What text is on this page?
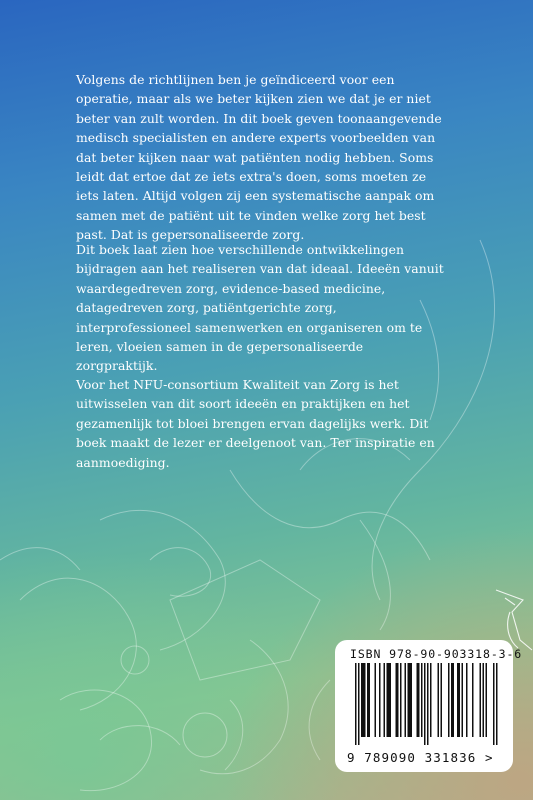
Volgens de richtlijnen ben je geïndiceerd voor een operatie, maar als we beter kijken zien we dat je er niet beter van zult worden. In dit boek geven toonaangevende medisch specialisten en andere experts voorbeelden van dat beter kijken naar wat patiënten nodig hebben. Soms leidt dat ertoe dat ze iets extra's doen, soms moeten ze iets laten. Altijd volgen zij een systematische aanpak om samen met de patiënt uit te vinden welke zorg het best past. Dat is gepersonaliseerde zorg.

Dit boek laat zien hoe verschillende ontwikkelingen bijdragen aan het realiseren van dat ideaal. Ideeën vanuit waardegedreven zorg, evidence-based medicine, datagedreven zorg, patiëntgerichte zorg, interprofessioneel samenwerken en organiseren om te leren, vloeien samen in de gepersonaliseerde zorgpraktijk.

Voor het NFU-consortium Kwaliteit van Zorg is het uitwisselen van dit soort ideeën en praktijken en het gezamenlijk tot bloei brengen ervan dagelijks werk. Dit boek maakt de lezer er deelgenoot van. Ter inspiratie en aanmoediging.

ISBN 978-90-903318-3-6
9 789090 331836 >
